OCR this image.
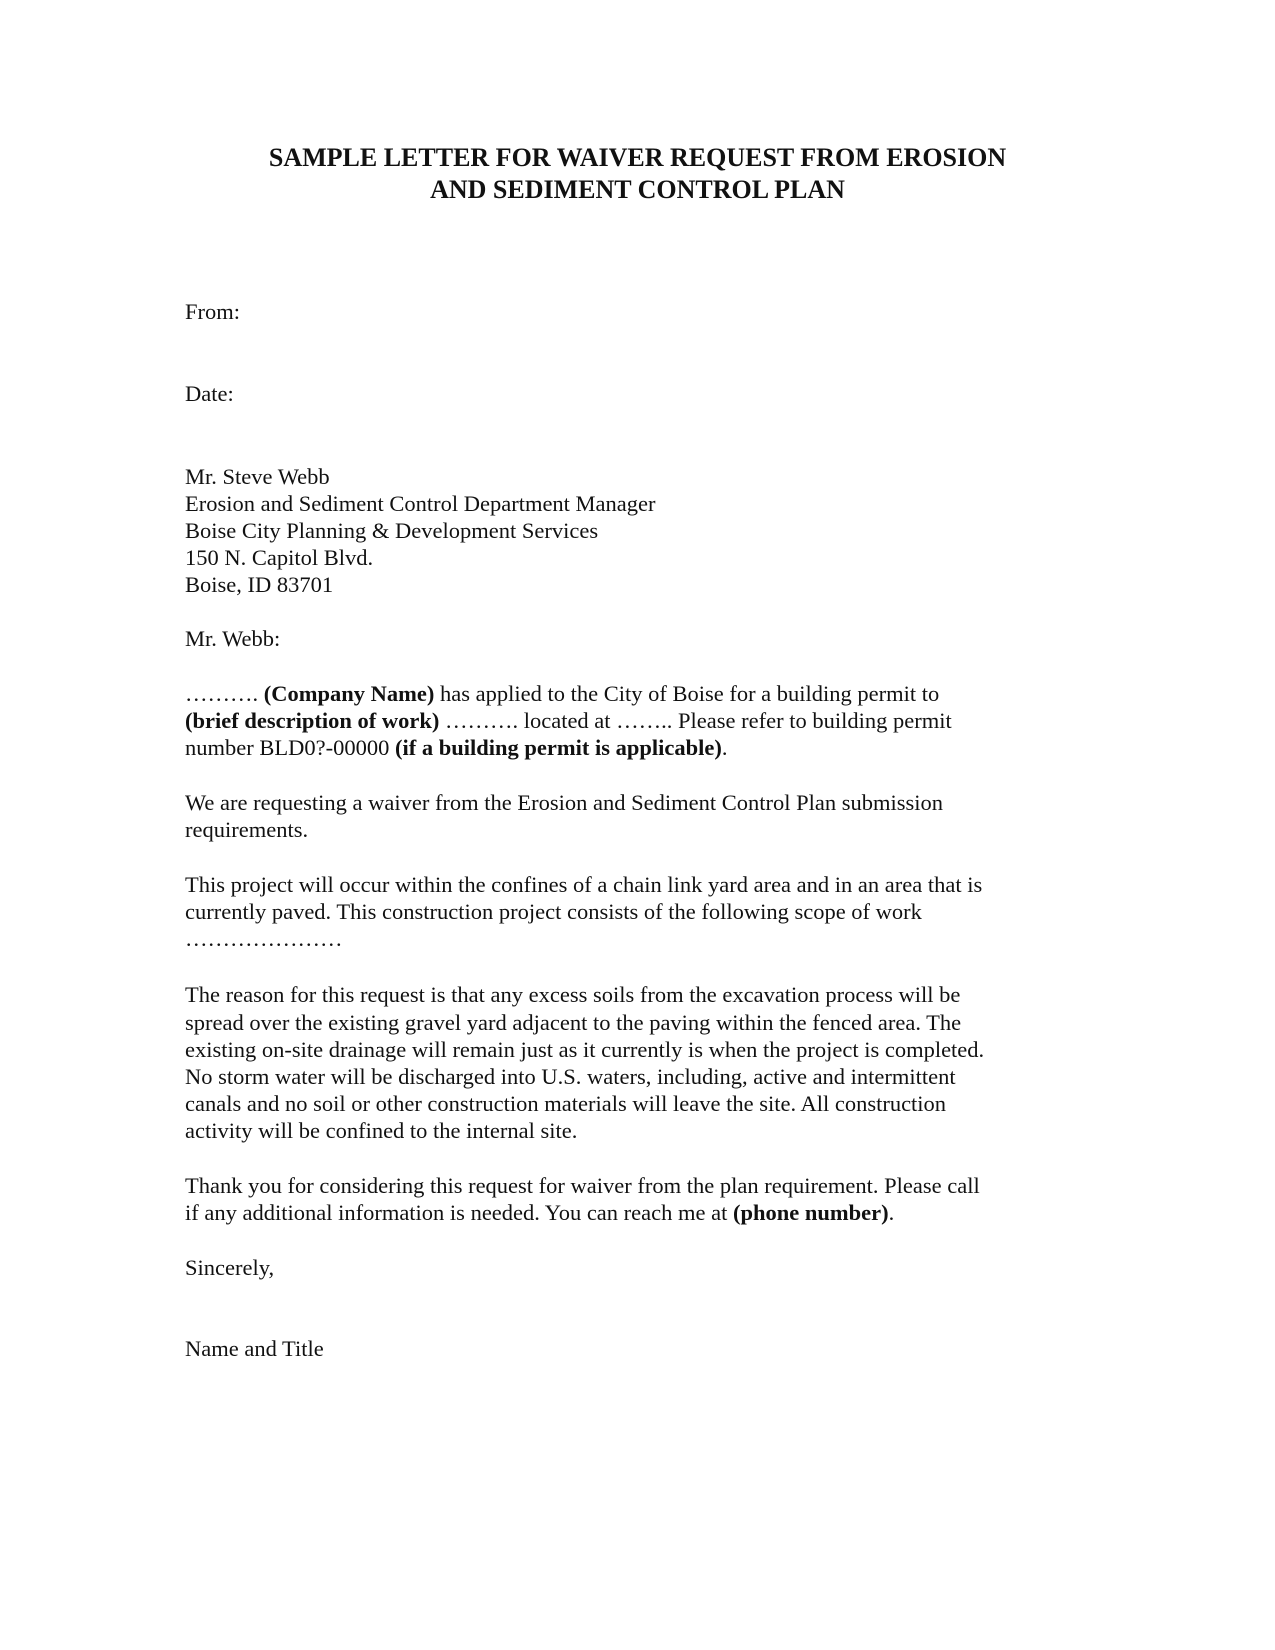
SAMPLE LETTER FOR WAIVER REQUEST FROM EROSION
AND SEDIMENT CONTROL PLAN
From:
Date:
Mr. Steve Webb
Erosion and Sediment Control Department Manager
Boise City Planning & Development Services
150 N. Capitol Blvd.
Boise, ID 83701
Mr. Webb:
………. (Company Name) has applied to the City of Boise for a building permit to
(brief description of work) ………. located at …….. Please refer to building permit
number BLD0?-00000 (if a building permit is applicable).
We are requesting a waiver from the Erosion and Sediment Control Plan submission
requirements.
This project will occur within the confines of a chain link yard area and in an area that is
currently paved. This construction project consists of the following scope of work
…………………
The reason for this request is that any excess soils from the excavation process will be
spread over the existing gravel yard adjacent to the paving within the fenced area. The
existing on-site drainage will remain just as it currently is when the project is completed.
No storm water will be discharged into U.S. waters, including, active and intermittent
canals and no soil or other construction materials will leave the site. All construction
activity will be confined to the internal site.
Thank you for considering this request for waiver from the plan requirement. Please call
if any additional information is needed. You can reach me at (phone number).
Sincerely,
Name and Title
